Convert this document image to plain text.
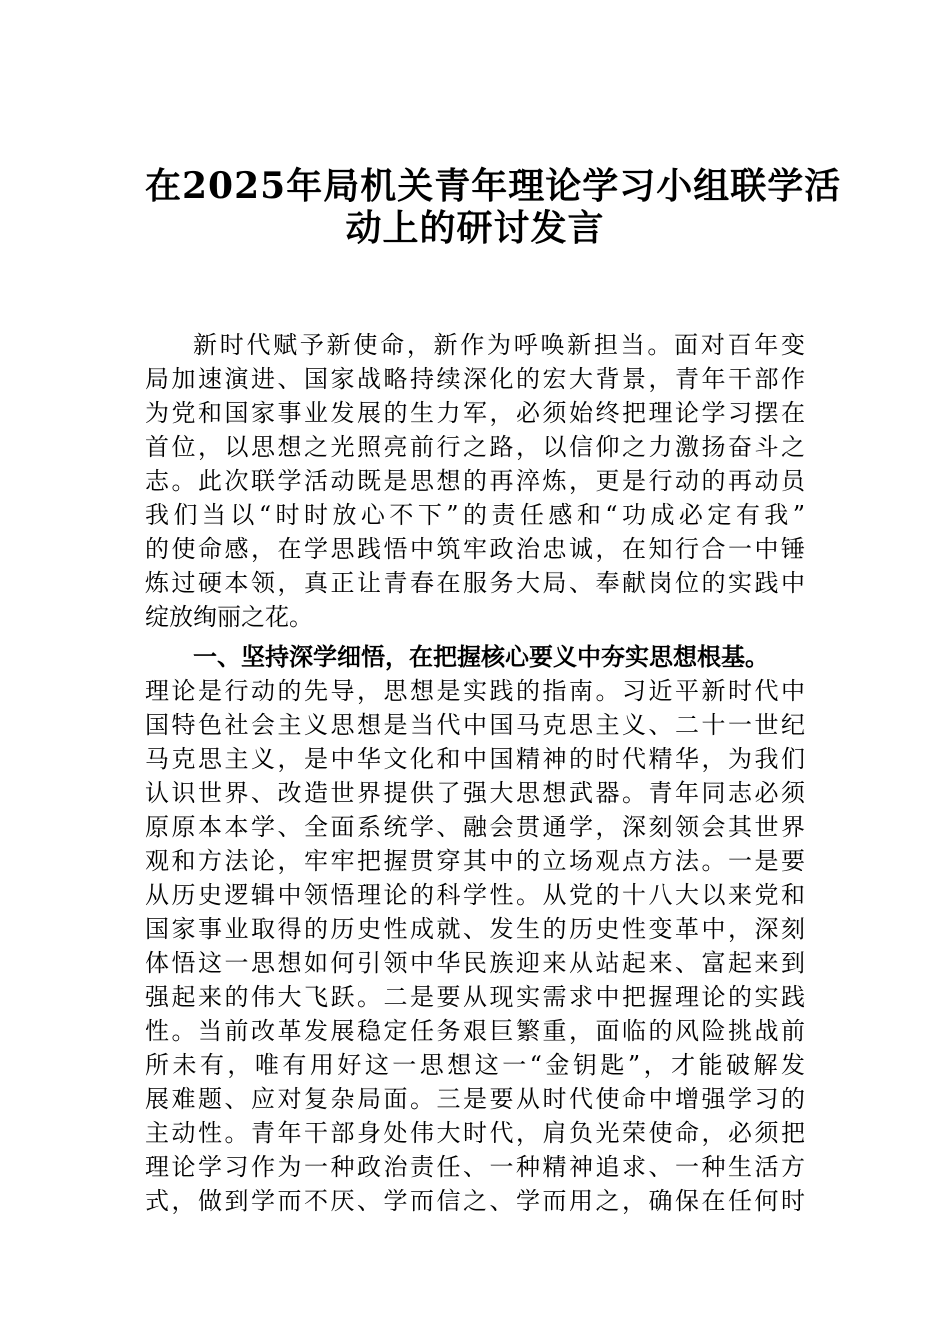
在2025年局机关青年理论学习小组联学活
动上的研讨发言
新时代赋予新使命，新作为呼唤新担当。面对百年变
局加速演进、国家战略持续深化的宏大背景，青年干部作
为党和国家事业发展的生力军，必须始终把理论学习摆在
首位，以思想之光照亮前行之路，以信仰之力激扬奋斗之
志。此次联学活动既是思想的再淬炼，更是行动的再动员
我们当以“时时放心不下”的责任感和“功成必定有我”
的使命感，在学思践悟中筑牢政治忠诚，在知行合一中锤
炼过硬本领，真正让青春在服务大局、奉献岗位的实践中
绽放绚丽之花。
一、坚持深学细悟，在把握核心要义中夯实思想根基。
理论是行动的先导，思想是实践的指南。习近平新时代中
国特色社会主义思想是当代中国马克思主义、二十一世纪
马克思主义，是中华文化和中国精神的时代精华，为我们
认识世界、改造世界提供了强大思想武器。青年同志必须
原原本本学、全面系统学、融会贯通学，深刻领会其世界
观和方法论，牢牢把握贯穿其中的立场观点方法。一是要
从历史逻辑中领悟理论的科学性。从党的十八大以来党和
国家事业取得的历史性成就、发生的历史性变革中，深刻
体悟这一思想如何引领中华民族迎来从站起来、富起来到
强起来的伟大飞跃。二是要从现实需求中把握理论的实践
性。当前改革发展稳定任务艰巨繁重，面临的风险挑战前
所未有，唯有用好这一思想这一“金钥匙”，才能破解发
展难题、应对复杂局面。三是要从时代使命中增强学习的
主动性。青年干部身处伟大时代，肩负光荣使命，必须把
理论学习作为一种政治责任、一种精神追求、一种生活方
式，做到学而不厌、学而信之、学而用之，确保在任何时
